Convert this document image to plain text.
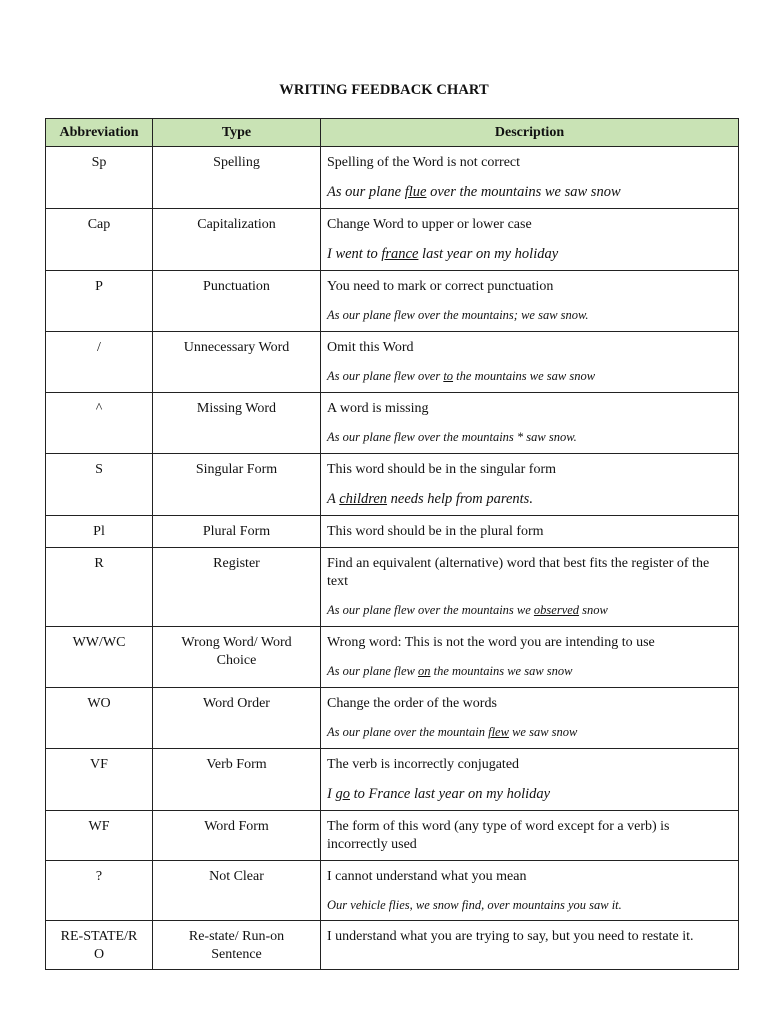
WRITING FEEDBACK CHART
Abbreviation	Type	Description
Sp	Spelling	Spelling of the Word is not correct
As our plane flue over the mountains we saw snow

Cap	Capitalization	Change Word to upper or lower case
I went to france last year on my holiday

P	Punctuation	You need to mark or correct punctuation
As our plane flew over the mountains; we saw snow.

/	Unnecessary Word	Omit this Word
As our plane flew over to the mountains we saw snow

^	Missing Word	A word is missing
As our plane flew over the mountains * saw snow.

S	Singular Form	This word should be in the singular form
A children needs help from parents.

Pl	Plural Form	This word should be in the plural form

R	Register	Find an equivalent (alternative) word that best fits the register of the text
As our plane flew over the mountains we observed snow

WW/WC	Wrong Word/ Word Choice	Wrong word: This is not the word you are intending to use
As our plane flew on the mountains we saw snow

WO	Word Order	Change the order of the words
As our plane over the mountain flew we saw snow

VF	Verb Form	The verb is incorrectly conjugated
I go to France last year on my holiday

WF	Word Form	The form of this word (any type of word except for a verb) is incorrectly used

?	Not Clear	I cannot understand what you mean
Our vehicle flies, we snow find, over mountains you saw it.

RE-STATE/RO	Re-state/ Run-on Sentence	I understand what you are trying to say, but you need to restate it.
